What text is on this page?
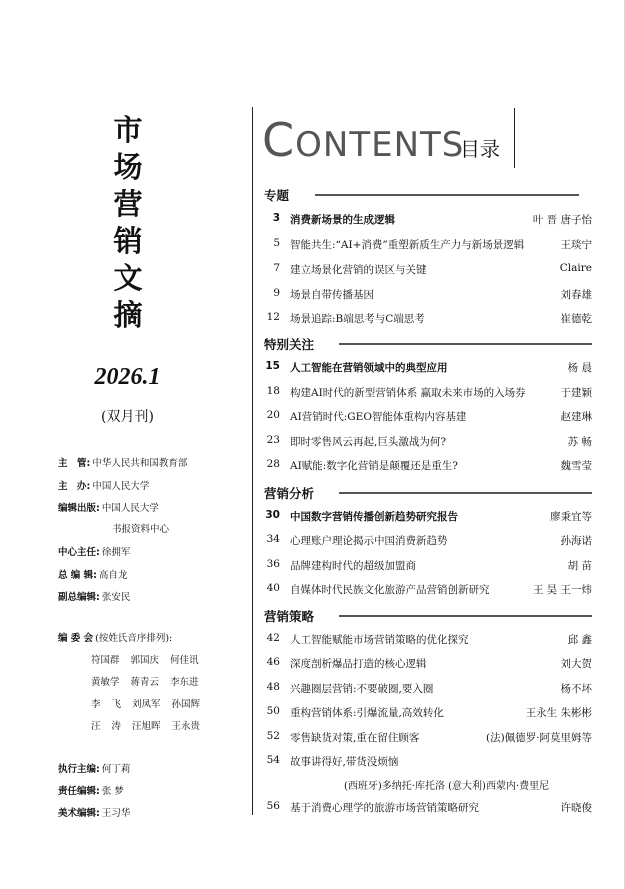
市
场
营
销
文
摘
2026.1
(双月刊)
主　管: 中华人民共和国教育部
主　办: 中国人民大学
编辑出版: 中国人民大学
书报资料中心
中心主任: 徐拥军
总 编 辑: 高自龙
副总编辑: 张安民
编 委 会 (按姓氏音序排列):
符国群 郭国庆 何佳讯
黄敏学 蒋青云 李东进
李 飞 刘凤军 孙国辉
汪 涛 汪旭晖 王永贵
执行主编: 何丁莉
责任编辑: 张 梦
美术编辑: 王习华
CONTENTS
目录
专题
3 消费新场景的生成逻辑	叶 晋 唐子怡
5 智能共生:“AI+消费”重塑新质生产力与新场景逻辑	王琰宁
7 建立场景化营销的误区与关键	Claire
9 场景自带传播基因	刘春雄
12 场景追踪:B端思考与C端思考	崔德乾
特别关注
15 人工智能在营销领域中的典型应用	杨 晨
18 构建AI时代的新型营销体系 赢取未来市场的入场券	于建颖
20 AI营销时代:GEO智能体重构内容基建	赵建琳
23 即时零售风云再起,巨头激战为何?	苏 畅
28 AI赋能:数字化营销是颠覆还是重生?	魏雪莹
营销分析
30 中国数字营销传播创新趋势研究报告	廖秉宜等
34 心理账户理论揭示中国消费新趋势	孙海诺
36 品牌建构时代的超级加盟商	胡 苗
40 自媒体时代民族文化旅游产品营销创新研究	王 昊 王一炜
营销策略
42 人工智能赋能市场营销策略的优化探究	邱 鑫
46 深度剖析爆品打造的核心逻辑	刘大贺
48 兴趣圈层营销:不要破圈,要入圈	杨不坏
50 重构营销体系:引爆流量,高效转化	王永生 朱彬彬
52 零售缺货对策,重在留住顾客	(法)佩德罗·阿莫里姆等
54 故事讲得好,带货没烦恼
(西班牙)多纳托·库托洛 (意大利)西蒙内·费里尼
56 基于消费心理学的旅游市场营销策略研究	许晓俊
